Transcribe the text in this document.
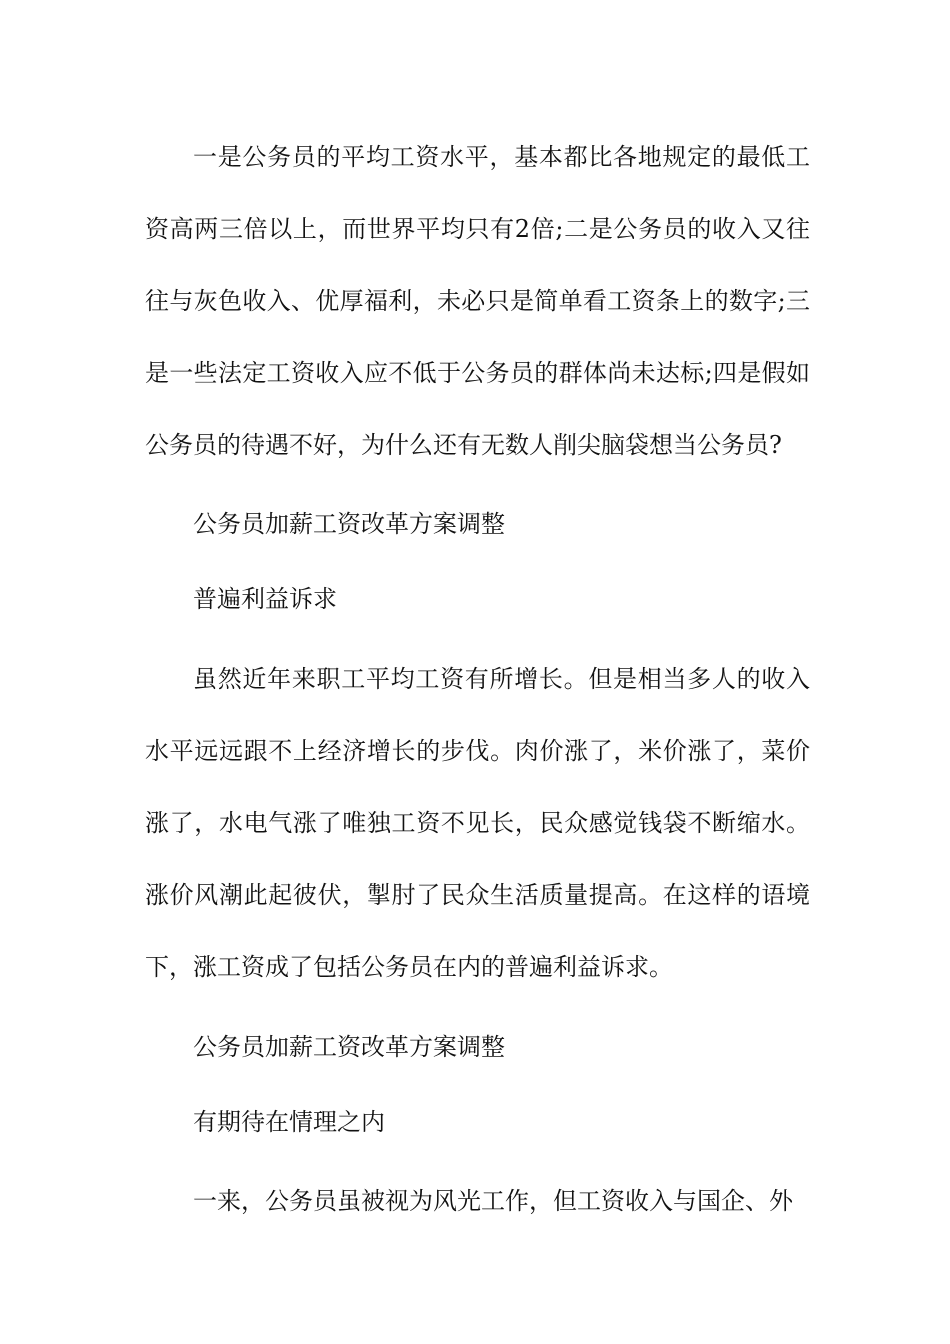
一是公务员的平均工资水平，基本都比各地规定的最低工资高两三倍以上，而世界平均只有2倍;二是公务员的收入又往往与灰色收入、优厚福利，未必只是简单看工资条上的数字;三是一些法定工资收入应不低于公务员的群体尚未达标;四是假如公务员的待遇不好，为什么还有无数人削尖脑袋想当公务员?

公务员加薪工资改革方案调整

普遍利益诉求

虽然近年来职工平均工资有所增长。但是相当多人的收入水平远远跟不上经济增长的步伐。肉价涨了，米价涨了，菜价涨了，水电气涨了唯独工资不见长，民众感觉钱袋不断缩水。涨价风潮此起彼伏，掣肘了民众生活质量提高。在这样的语境下，涨工资成了包括公务员在内的普遍利益诉求。

公务员加薪工资改革方案调整

有期待在情理之内

一来，公务员虽被视为风光工作，但工资收入与国企、外
